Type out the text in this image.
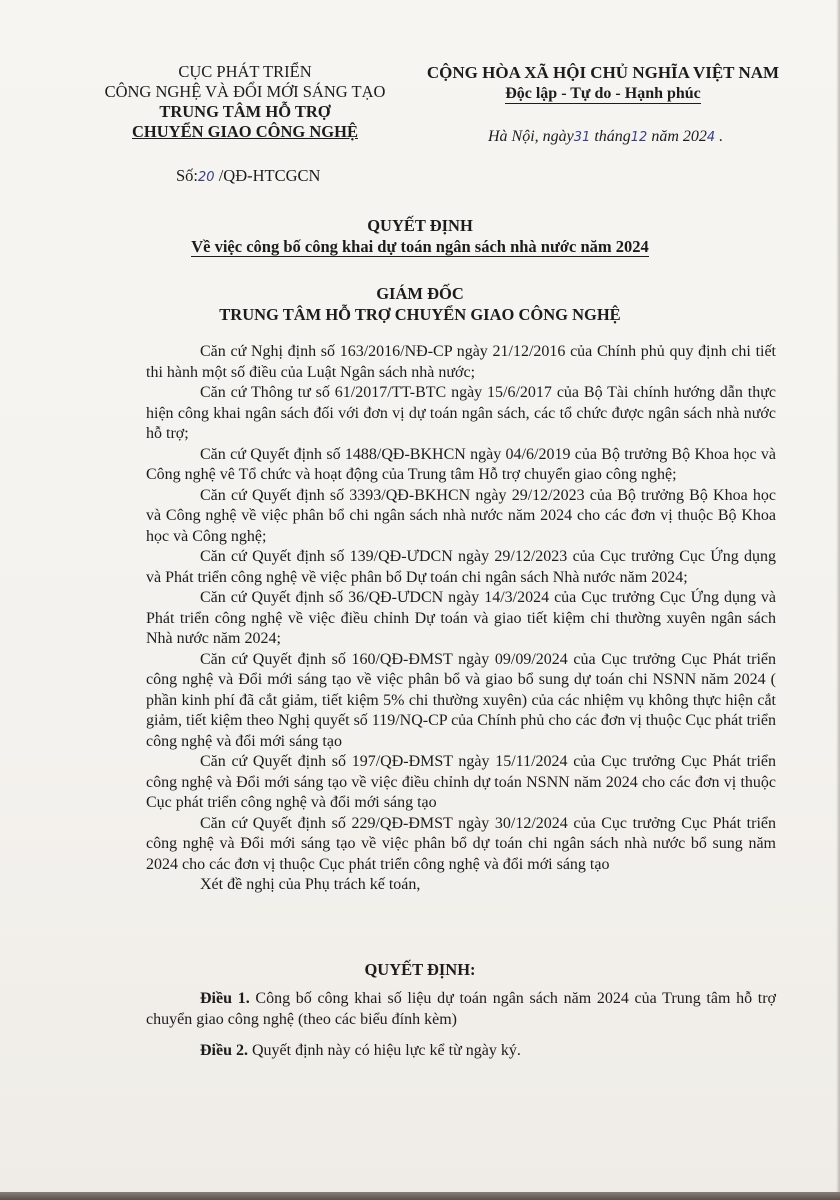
CỤC PHÁT TRIỂN
CÔNG NGHỆ VÀ ĐỔI MỚI SÁNG TẠO
TRUNG TÂM HỖ TRỢ
CHUYỂN GIAO CÔNG NGHỆ
CỘNG HÒA XÃ HỘI CHỦ NGHĨA VIỆT NAM
Độc lập - Tự do - Hạnh phúc
Hà Nội, ngày31 tháng12 năm 2024 .
Số:20 /QĐ-HTCGCN
QUYẾT ĐỊNH
Về việc công bố công khai dự toán ngân sách nhà nước năm 2024
GIÁM ĐỐC
TRUNG TÂM HỖ TRỢ CHUYỂN GIAO CÔNG NGHỆ

Căn cứ Nghị định số 163/2016/NĐ-CP ngày 21/12/2016 của Chính phủ quy định chi tiết thi hành một số điều của Luật Ngân sách nhà nước;

Căn cứ Thông tư số 61/2017/TT-BTC ngày 15/6/2017 của Bộ Tài chính hướng dẫn thực hiện công khai ngân sách đối với đơn vị dự toán ngân sách, các tổ chức được ngân sách nhà nước hỗ trợ;

Căn cứ Quyết định số 1488/QĐ-BKHCN ngày 04/6/2019 của Bộ trưởng Bộ Khoa học và Công nghệ vê Tổ chức và hoạt động của Trung tâm Hỗ trợ chuyển giao công nghệ;

Căn cứ Quyết định số 3393/QĐ-BKHCN ngày 29/12/2023 của Bộ trưởng Bộ Khoa học và Công nghệ về việc phân bổ chi ngân sách nhà nước năm 2024 cho các đơn vị thuộc Bộ Khoa học và Công nghệ;

Căn cứ Quyết định số 139/QĐ-ƯDCN ngày 29/12/2023 của Cục trưởng Cục Ứng dụng và Phát triển công nghệ về việc phân bổ Dự toán chi ngân sách Nhà nước năm 2024;

Căn cứ Quyết định số 36/QĐ-ƯDCN ngày 14/3/2024 của Cục trưởng Cục Ứng dụng và Phát triển công nghệ về việc điều chỉnh Dự toán và giao tiết kiệm chi thường xuyên ngân sách Nhà nước năm 2024;

Căn cứ Quyết định số 160/QĐ-ĐMST ngày 09/09/2024 của Cục trưởng Cục Phát triển công nghệ và Đổi mới sáng tạo về việc phân bổ và giao bổ sung dự toán chi NSNN năm 2024 ( phần kinh phí đã cắt giảm, tiết kiệm 5% chi thường xuyên) của các nhiệm vụ không thực hiện cắt giảm, tiết kiệm theo Nghị quyết số 119/NQ-CP của Chính phủ cho các đơn vị thuộc Cục phát triển công nghệ và đổi mới sáng tạo

Căn cứ Quyết định số 197/QĐ-ĐMST ngày 15/11/2024 của Cục trưởng Cục Phát triển công nghệ và Đổi mới sáng tạo về việc điều chỉnh dự toán NSNN năm 2024 cho các đơn vị thuộc Cục phát triển công nghệ và đổi mới sáng tạo

Căn cứ Quyết định số 229/QĐ-ĐMST ngày 30/12/2024 của Cục trưởng Cục Phát triển công nghệ và Đổi mới sáng tạo về việc phân bổ dự toán chi ngân sách nhà nước bổ sung năm 2024 cho các đơn vị thuộc Cục phát triển công nghệ và đổi mới sáng tạo

Xét đề nghị của Phụ trách kế toán,

QUYẾT ĐỊNH:

Điều 1. Công bố công khai số liệu dự toán ngân sách năm 2024 của Trung tâm hỗ trợ chuyển giao công nghệ (theo các biểu đính kèm)

Điều 2. Quyết định này có hiệu lực kể từ ngày ký.
